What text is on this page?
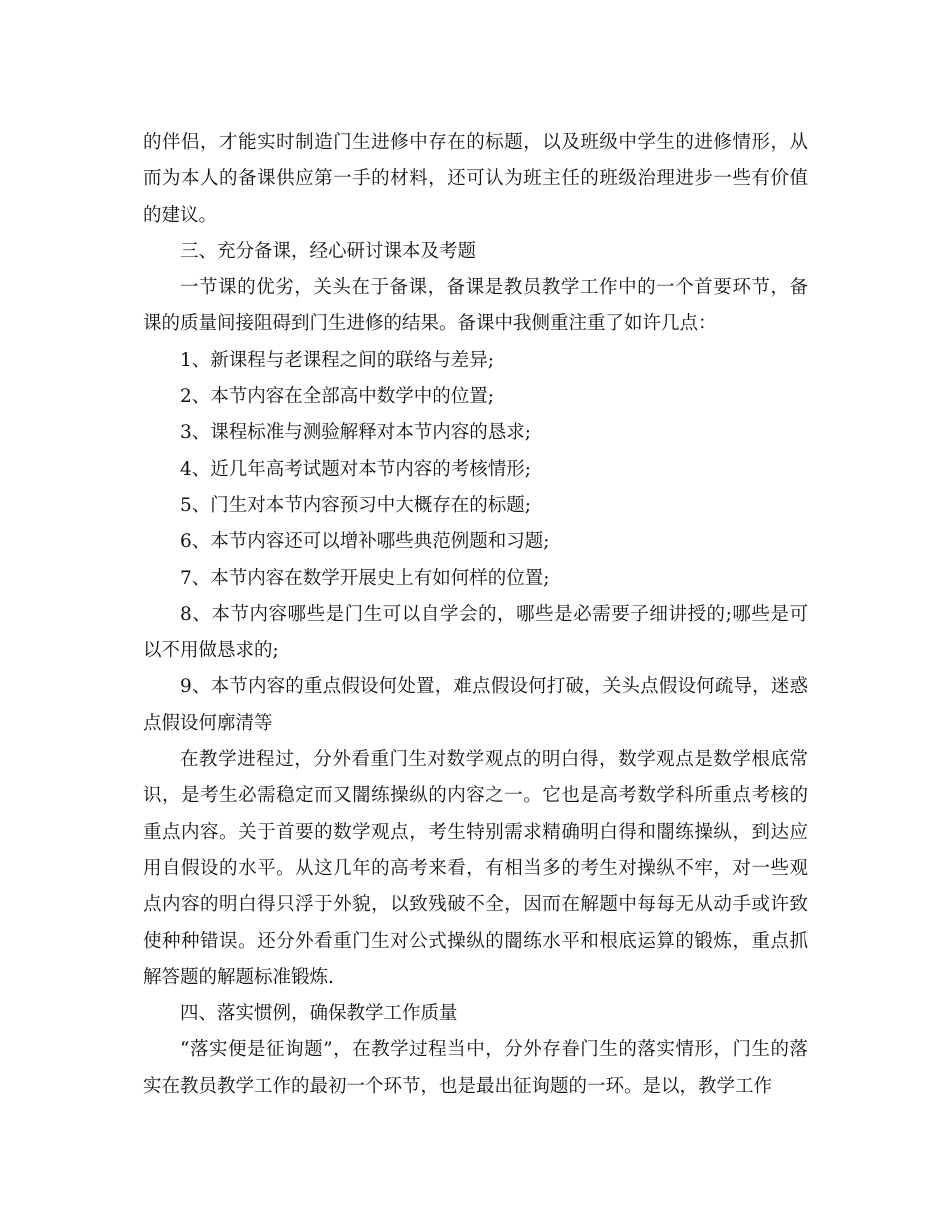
的伴侣，才能实时制造门生进修中存在的标题，以及班级中学生的进修情形，从而为本人的备课供应第一手的材料，还可认为班主任的班级治理进步一些有价值的建议。

三、充分备课，经心研讨课本及考题

一节课的优劣，关头在于备课，备课是教员教学工作中的一个首要环节，备课的质量间接阻碍到门生进修的结果。备课中我侧重注重了如许几点：

1、新课程与老课程之间的联络与差异;

2、本节内容在全部高中数学中的位置;

3、课程标准与测验解释对本节内容的恳求;

4、近几年高考试题对本节内容的考核情形;

5、门生对本节内容预习中大概存在的标题;

6、本节内容还可以增补哪些典范例题和习题;

7、本节内容在数学开展史上有如何样的位置;

8、本节内容哪些是门生可以自学会的，哪些是必需要子细讲授的;哪些是可以不用做恳求的;

9、本节内容的重点假设何处置，难点假设何打破，关头点假设何疏导，迷惑点假设何廓清等

在教学进程过，分外看重门生对数学观点的明白得，数学观点是数学根底常识，是考生必需稳定而又闇练操纵的内容之一。它也是高考数学科所重点考核的重点内容。关于首要的数学观点，考生特别需求精确明白得和闇练操纵，到达应用自假设的水平。从这几年的高考来看，有相当多的考生对操纵不牢，对一些观点内容的明白得只浮于外貌，以致残破不全，因而在解题中每每无从动手或许致使种种错误。还分外看重门生对公式操纵的闇练水平和根底运算的锻炼，重点抓解答题的解题标准锻炼.

四、落实惯例，确保教学工作质量

“落实便是征询题”，在教学过程当中，分外存眷门生的落实情形，门生的落实在教员教学工作的最初一个环节，也是最出征询题的一环。是以，教学工作
